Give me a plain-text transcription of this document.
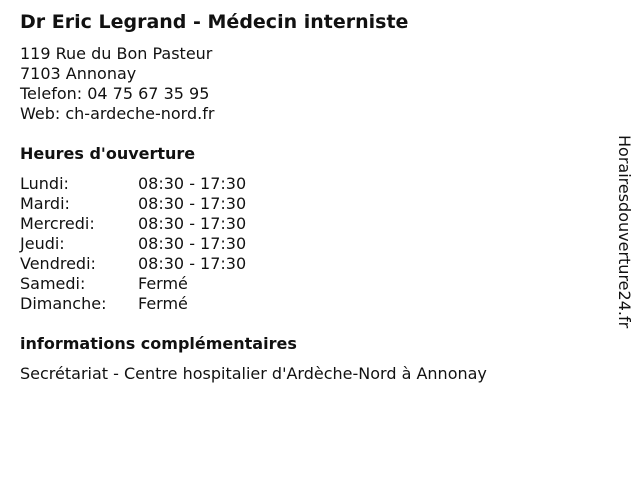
Dr Eric Legrand - Médecin interniste
119 Rue du Bon Pasteur
7103 Annonay
Telefon: 04 75 67 35 95
Web: ch-ardeche-nord.fr
Heures d'ouverture
Lundi:	08:30 - 17:30
Mardi:	08:30 - 17:30
Mercredi:	08:30 - 17:30
Jeudi:	08:30 - 17:30
Vendredi:	08:30 - 17:30
Samedi:	Fermé
Dimanche:	Fermé
informations complémentaires
Secrétariat - Centre hospitalier d'Ardèche-Nord à Annonay
Horairesdouverture24.fr
